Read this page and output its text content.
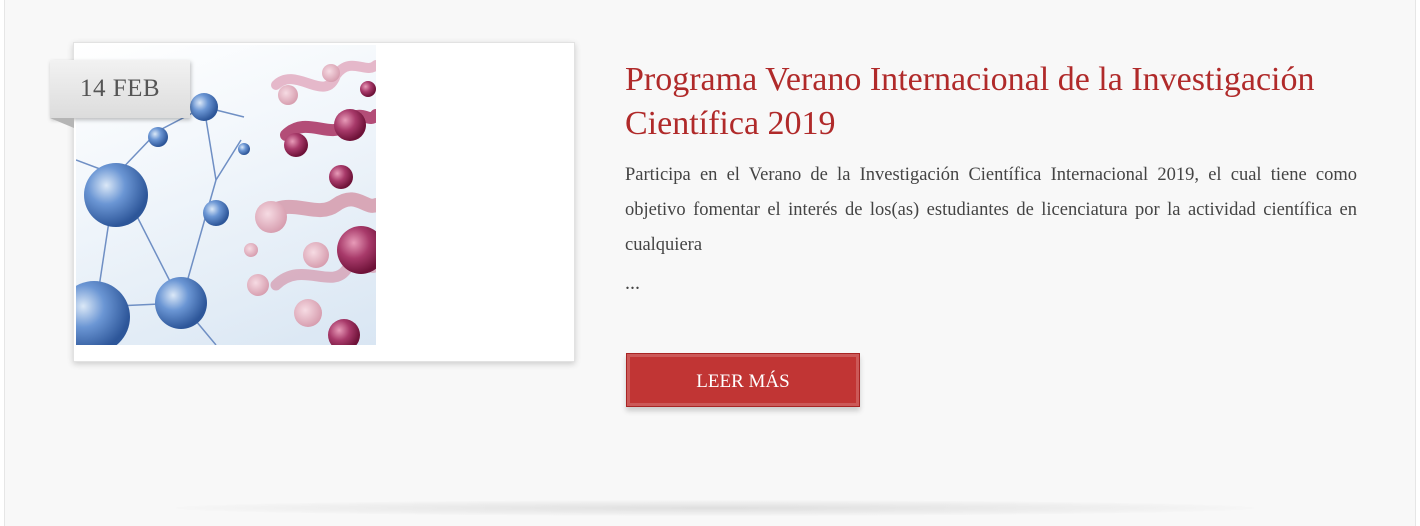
14 FEB	Programa Verano Internacional de la Investigación Científica 2019

Participa en el Verano de la Investigación Científica Internacional 2019, el cual tiene como objetivo fomentar el interés de los(as) estudiantes de licenciatura por la actividad científica en cualquiera

...
LEER MÁS
